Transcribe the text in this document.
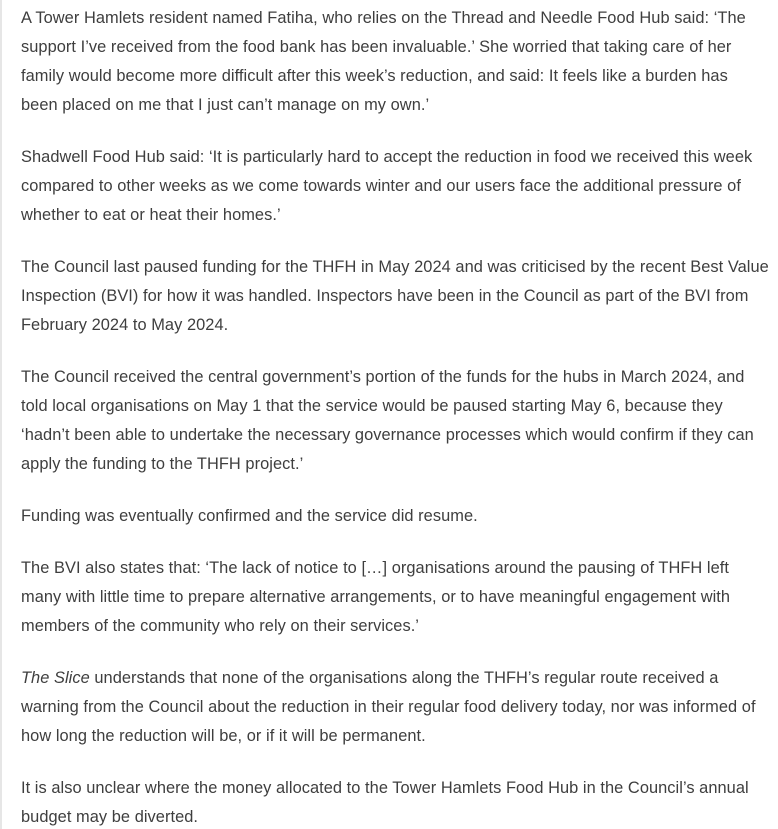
A Tower Hamlets resident named Fatiha, who relies on the Thread and Needle Food Hub said: ‘The support I’ve received from the food bank has been invaluable.’ She worried that taking care of her family would become more difficult after this week’s reduction, and said: It feels like a burden has been placed on me that I just can’t manage on my own.’

Shadwell Food Hub said: ‘It is particularly hard to accept the reduction in food we received this week compared to other weeks as we come towards winter and our users face the additional pressure of whether to eat or heat their homes.’

The Council last paused funding for the THFH in May 2024 and was criticised by the recent Best Value Inspection (BVI) for how it was handled. Inspectors have been in the Council as part of the BVI from February 2024 to May 2024.

The Council received the central government’s portion of the funds for the hubs in March 2024, and told local organisations on May 1 that the service would be paused starting May 6, because they ‘hadn’t been able to undertake the necessary governance processes which would confirm if they can apply the funding to the THFH project.’

Funding was eventually confirmed and the service did resume.

The BVI also states that: ‘The lack of notice to […] organisations around the pausing of THFH left many with little time to prepare alternative arrangements, or to have meaningful engagement with members of the community who rely on their services.’

The Slice understands that none of the organisations along the THFH’s regular route received a warning from the Council about the reduction in their regular food delivery today, nor was informed of how long the reduction will be, or if it will be permanent.

It is also unclear where the money allocated to the Tower Hamlets Food Hub in the Council’s annual budget may be diverted.
